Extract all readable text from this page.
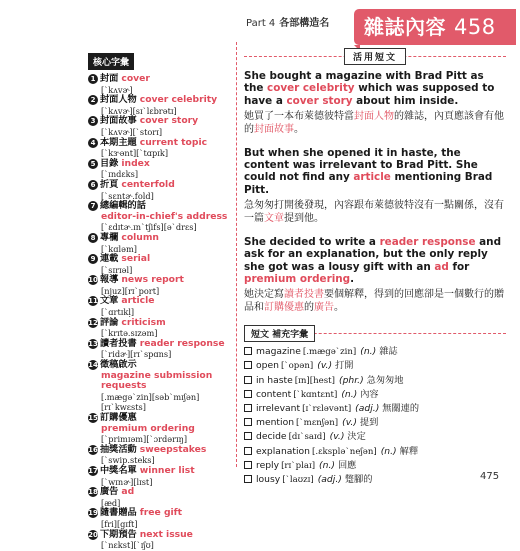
Part 4 各部構造名	雜誌內容 458
核心字彙
1 封面 cover
[ˋkʌvɚ]
2 封面人物 cover celebrity
[ˋkʌvɚ][sɪˋlɛbrətɪ]
3 封面故事 cover story
[ˋkʌvɚ][ˋstorɪ]
4 本期主題 current topic
[ˋkɝənt][ˋtɑpɪk]
5 目錄 index
[ˋɪndɛks]
6 折頁 centerfold
[ˋsɛntɚ.fold]
7 總編輯的話
editor-in-chief's address
[ˋɛdɪtɚ.ɪnˋtʃifs][əˋdrɛs]
8 專欄 column
[ˋkɑləm]
9 連載 serial
[ˋsɪrɪəl]
10 報導 news report
[njuz][rɪˋport]
11 文章 article
[ˋɑrtɪkḷ]
12 評論 criticism
[ˋkrɪtə.sɪzəm]
13 讀者投書 reader response
[ˋridɚ][rɪˋspɑns]
14 徵稿啟示
magazine submission requests
[.mægəˋzin][səbˋmɪʃən][rɪˋkwɛsts]
15 訂購優惠
premium ordering
[ˋprimɪəm][ˋɔrdərɪŋ]
16 抽獎活動 sweepstakes
[ˋswip.steks]
17 中獎名單 winner list
[ˋwɪnɚ][lɪst]
18 廣告 ad
[æd]
19 隨書贈品 free gift
[fri][gɪft]
20 下期預告 next issue
[ˋnɛkst][ˋɪʃʊ]
活用短文
She bought a magazine with Brad Pitt as the cover celebrity which was supposed to have a cover story about him inside.
她買了一本布萊德彼特當封面人物的雜誌，內頁應該會有他的封面故事。
But when she opened it in haste, the content was irrelevant to Brad Pitt. She could not find any article mentioning Brad Pitt.
急匆匆打開後發現，內容跟布萊德彼特沒有一點關係，沒有一篇文章提到他。
She decided to write a reader response and ask for an explanation, but the only reply she got was a lousy gift with an ad for premium ordering.
她決定寫讀者投書要個解釋，得到的回應卻是一個數行的贈品和訂購優惠的廣告。
短文 補充字彙
magazine [.mægəˋzin] (n.) 雜誌
open [ˋopən] (v.) 打開
in haste [ɪn][hest] (phr.) 急匆匆地
content [ˋkɑntɛnt] (n.) 內容
irrelevant [ɪˋrɛləvənt] (adj.) 無關連的
mention [ˋmɛnʃən] (v.) 提到
decide [dɪˋsaɪd] (v.) 決定
explanation [.ɛkspləˋneʃən] (n.) 解釋
reply [rɪˋplaɪ] (n.) 回應
lousy [ˋlaʊzɪ] (adj.) 蹩腳的	475
